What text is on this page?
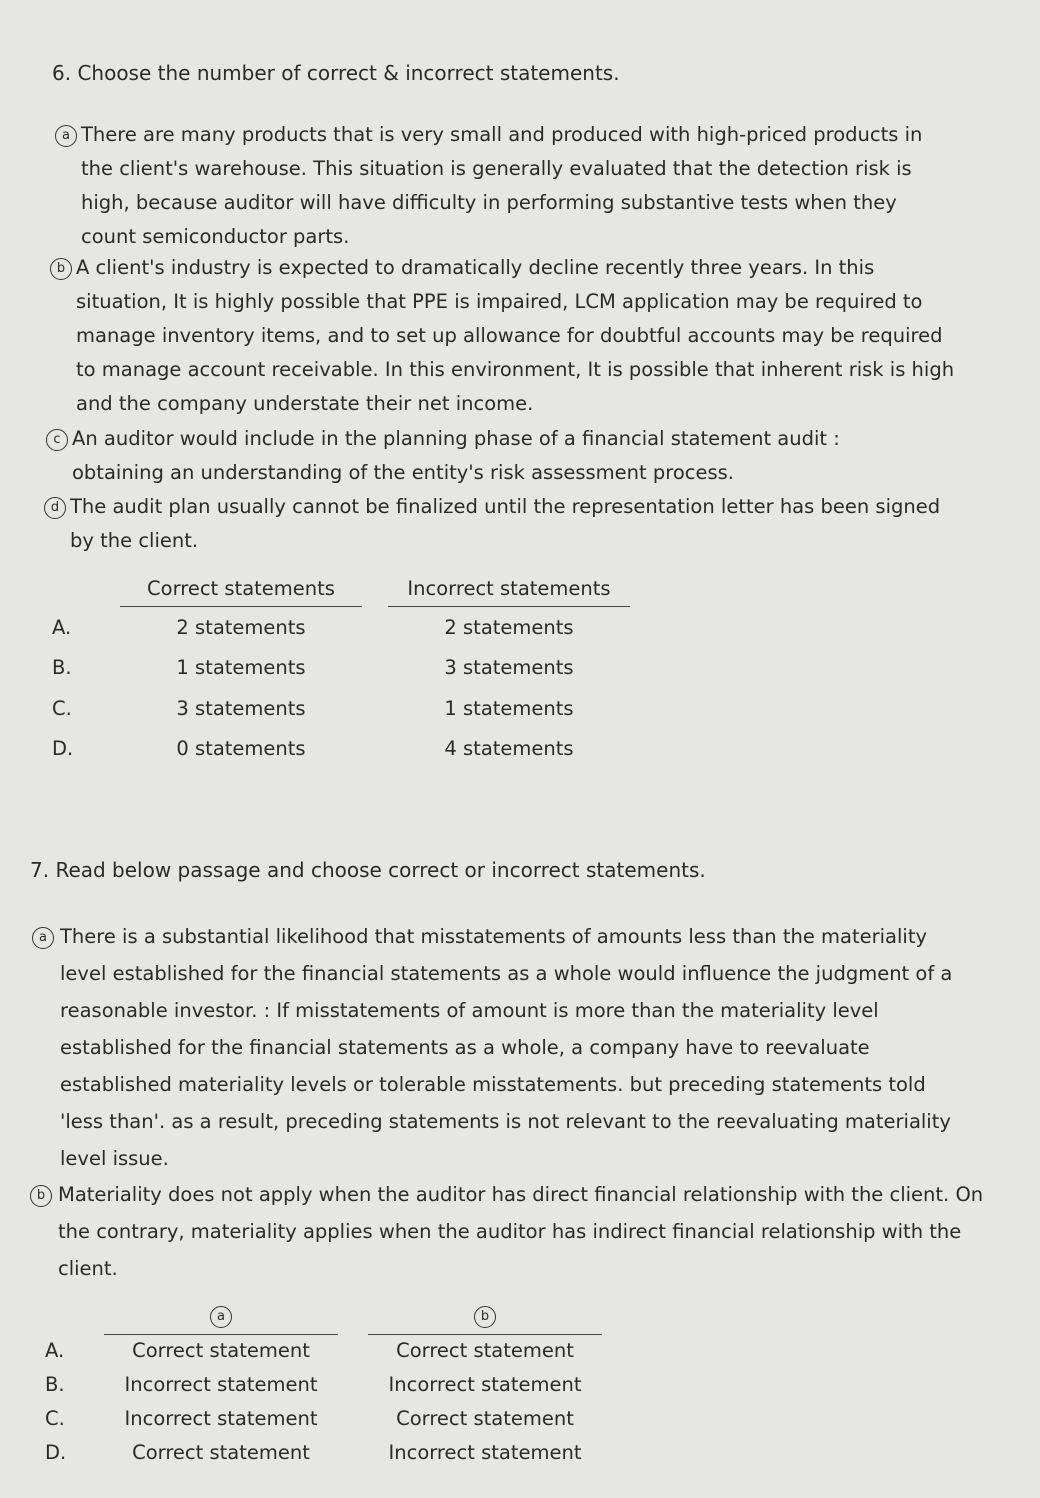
6. Choose the number of correct & incorrect statements.
a There are many products that is very small and produced with high-priced products in the client's warehouse. This situation is generally evaluated that the detection risk is high, because auditor will have difficulty in performing substantive tests when they count semiconductor parts.
b A client's industry is expected to dramatically decline recently three years. In this situation, It is highly possible that PPE is impaired, LCM application may be required to manage inventory items, and to set up allowance for doubtful accounts may be required to manage account receivable. In this environment, It is possible that inherent risk is high and the company understate their net income.
c An auditor would include in the planning phase of a financial statement audit : obtaining an understanding of the entity's risk assessment process.
d The audit plan usually cannot be finalized until the representation letter has been signed by the client.
Correct statements	Incorrect statements
A.	2 statements	2 statements
B.	1 statements	3 statements
C.	3 statements	1 statements
D.	0 statements	4 statements
7. Read below passage and choose correct or incorrect statements.
a There is a substantial likelihood that misstatements of amounts less than the materiality level established for the financial statements as a whole would influence the judgment of a reasonable investor. : If misstatements of amount is more than the materiality level established for the financial statements as a whole, a company have to reevaluate established materiality levels or tolerable misstatements. but preceding statements told 'less than'. as a result, preceding statements is not relevant to the reevaluating materiality level issue.
b Materiality does not apply when the auditor has direct financial relationship with the client. On the contrary, materiality applies when the auditor has indirect financial relationship with the client.
a	b
A.	Correct statement	Correct statement
B.	Incorrect statement	Incorrect statement
C.	Incorrect statement	Correct statement
D.	Correct statement	Incorrect statement
